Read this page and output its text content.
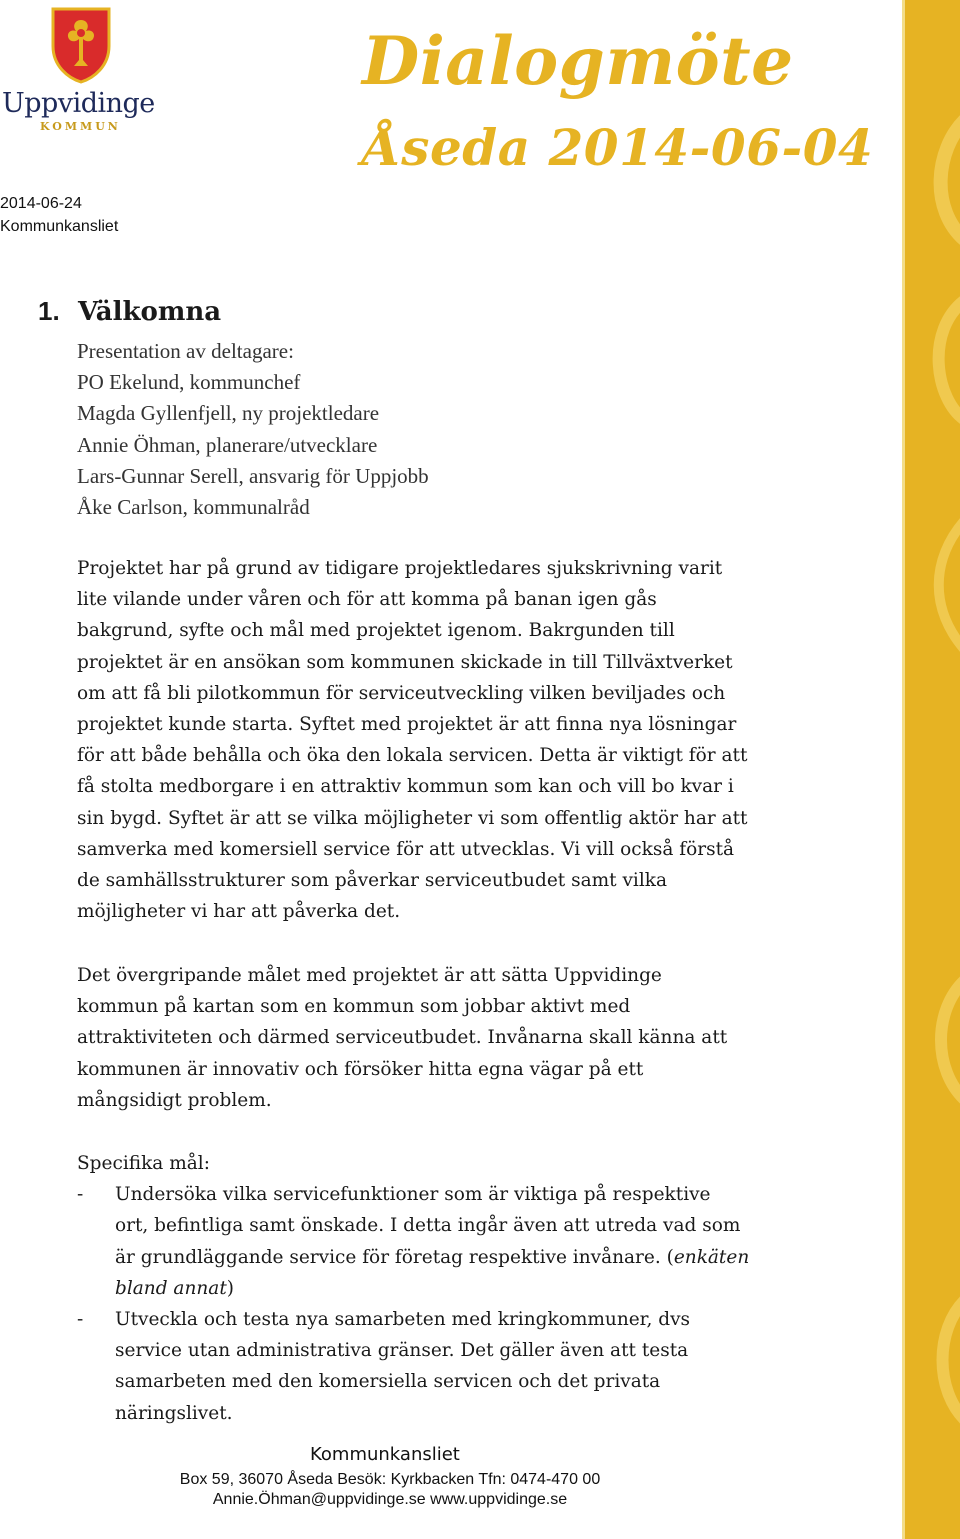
Uppvidinge
KOMMUN
Dialogmöte
Åseda 2014-06-04
2014-06-24
Kommunkansliet
1. Välkomna
Presentation av deltagare:
PO Ekelund, kommunchef
Magda Gyllenfjell, ny projektledare
Annie Öhman, planerare/utvecklare
Lars-Gunnar Serell, ansvarig för Uppjobb
Åke Carlson, kommunalråd
Projektet har på grund av tidigare projektledares sjukskrivning varit
lite vilande under våren och för att komma på banan igen gås
bakgrund, syfte och mål med projektet igenom. Bakrgunden till
projektet är en ansökan som kommunen skickade in till Tillväxtverket
om att få bli pilotkommun för serviceutveckling vilken beviljades och
projektet kunde starta. Syftet med projektet är att finna nya lösningar
för att både behålla och öka den lokala servicen. Detta är viktigt för att
få stolta medborgare i en attraktiv kommun som kan och vill bo kvar i
sin bygd. Syftet är att se vilka möjligheter vi som offentlig aktör har att
samverka med komersiell service för att utvecklas. Vi vill också förstå
de samhällsstrukturer som påverkar serviceutbudet samt vilka
möjligheter vi har att påverka det.
Det övergripande målet med projektet är att sätta Uppvidinge
kommun på kartan som en kommun som jobbar aktivt med
attraktiviteten och därmed serviceutbudet. Invånarna skall känna att
kommunen är innovativ och försöker hitta egna vägar på ett
mångsidigt problem.
Specifika mål:
- Undersöka vilka servicefunktioner som är viktiga på respektive
ort, befintliga samt önskade. I detta ingår även att utreda vad som
är grundläggande service för företag respektive invånare. (enkäten
bland annat)
- Utveckla och testa nya samarbeten med kringkommuner, dvs
service utan administrativa gränser. Det gäller även att testa
samarbeten med den komersiella servicen och det privata
näringslivet.
Kommunkansliet
Box 59, 36070 Åseda Besök: Kyrkbacken Tfn: 0474-470 00
Annie.Öhman@uppvidinge.se www.uppvidinge.se
